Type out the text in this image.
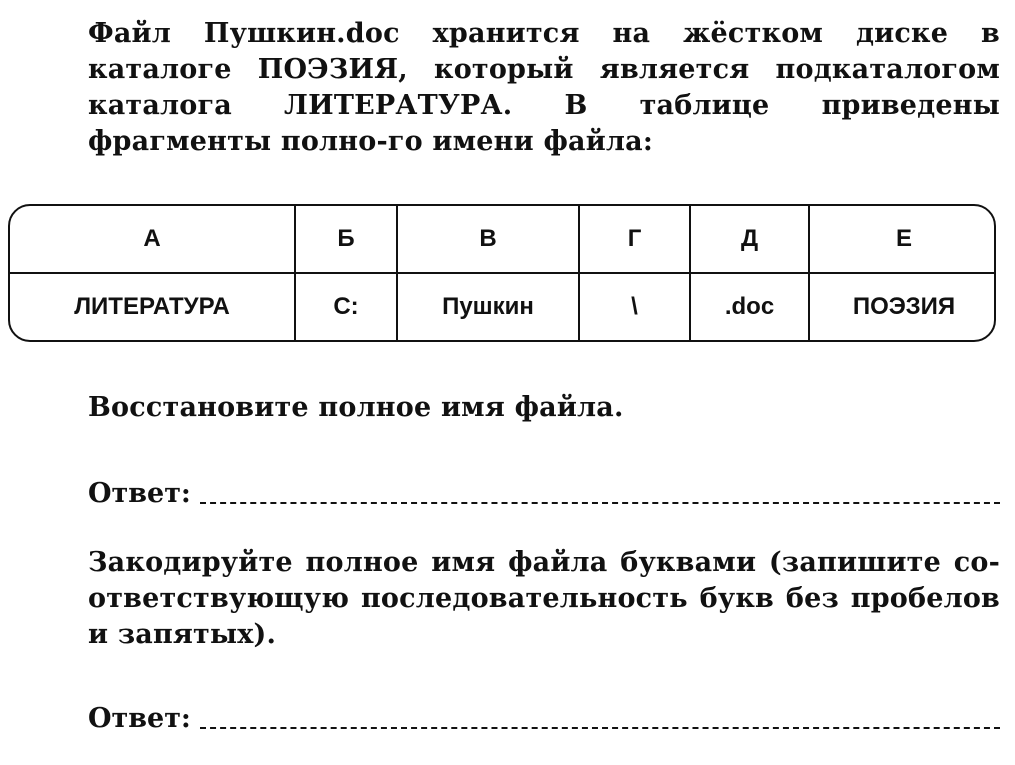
Файл Пушкин.doc хранится на жёстком диске в каталоге ПОЭЗИЯ, который является подкаталогом каталога ЛИТЕРАТУРА. В таблице приведены фрагменты полно-го имени файла:
А	Б	В	Г	Д	Е
ЛИТЕРАТУРА	С:	Пушкин	\	.doc	ПОЭЗИЯ
Восстановите полное имя файла.
Ответ:
Закодируйте полное имя файла буквами (запишите со-ответствующую последовательность букв без пробелов и запятых).
Ответ:
